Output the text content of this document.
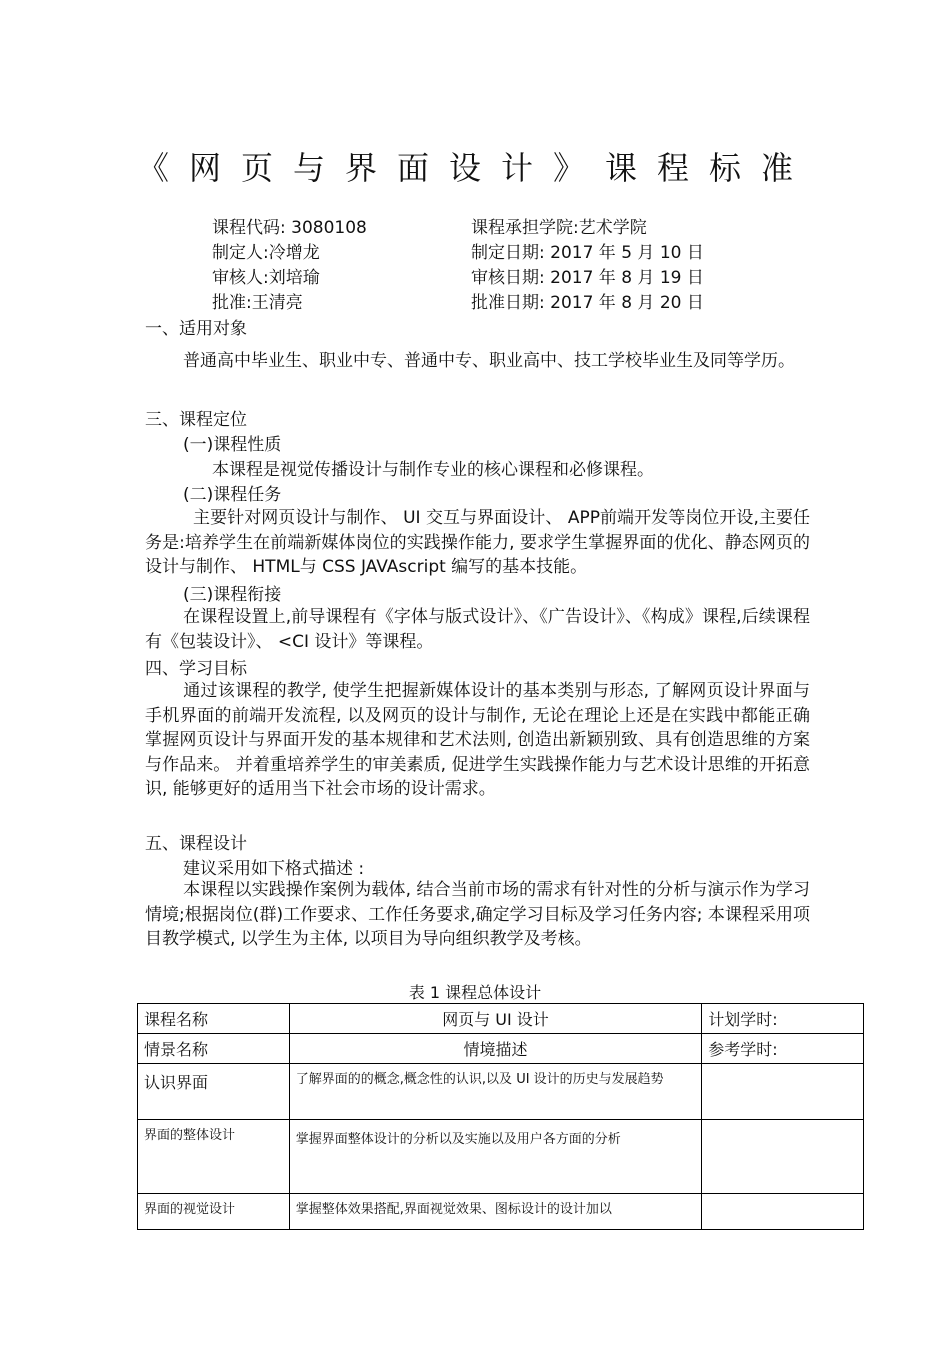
《网页与界面设计》课程标准
课程代码: 3080108	课程承担学院:艺术学院
制定人:冷增龙	制定日期: 2017 年 5 月 10 日
审核人:刘培瑜	审核日期: 2017 年 8 月 19 日
批准:王清亮	批准日期: 2017 年 8 月 20 日
一、适用对象
普通高中毕业生、职业中专、普通中专、职业高中、技工学校毕业生及同等学历。
三、课程定位
(一)课程性质
本课程是视觉传播设计与制作专业的核心课程和必修课程。
(二)课程任务
主要针对网页设计与制作、 UI 交互与界面设计、 APP前端开发等岗位开设,主要任务是:培养学生在前端新媒体岗位的实践操作能力, 要求学生掌握界面的优化、静态网页的设计与制作、 HTML与 CSS JAVAscript 编写的基本技能。
(三)课程衔接
在课程设置上,前导课程有《字体与版式设计》、《广告设计》、《构成》课程,后续课程有《包装设计》、 <CI 设计》等课程。
四、学习目标
通过该课程的教学, 使学生把握新媒体设计的基本类别与形态, 了解网页设计界面与手机界面的前端开发流程, 以及网页的设计与制作, 无论在理论上还是在实践中都能正确掌握网页设计与界面开发的基本规律和艺术法则, 创造出新颖别致、具有创造思维的方案与作品来。 并着重培养学生的审美素质, 促进学生实践操作能力与艺术设计思维的开拓意识, 能够更好的适用当下社会市场的设计需求。
五、课程设计
建议采用如下格式描述 :
本课程以实践操作案例为载体, 结合当前市场的需求有针对性的分析与演示作为学习情境;根据岗位(群)工作要求、工作任务要求,确定学习目标及学习任务内容; 本课程采用项目教学模式, 以学生为主体, 以项目为导向组织教学及考核。
表 1 课程总体设计
课程名称	网页与 UI 设计	计划学时:
情景名称	情境描述	参考学时:
认识界面	了解界面的的概念,概念性的认识,以及 UI 设计的历史与发展趋势	
界面的整体设计	掌握界面整体设计的分析以及实施以及用户各方面的分析	
界面的视觉设计	掌握整体效果搭配,界面视觉效果、图标设计的设计加以	
